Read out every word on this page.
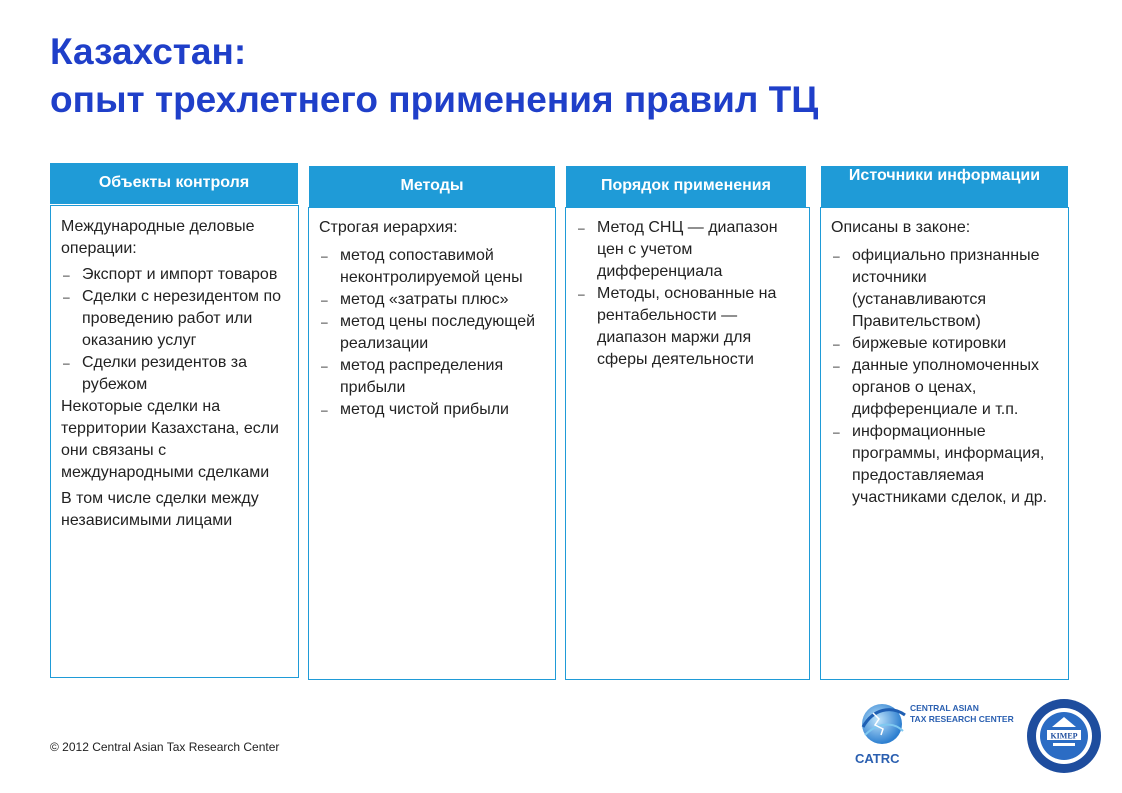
Казахстан:
опыт трехлетнего применения правил ТЦ
Объекты контроля

Международные деловые операции:

– Экспорт и импорт товаров
– Сделки с нерезидентом по проведению работ или оказанию услуг
– Сделки резидентов за рубежом

Некоторые сделки на территории Казахстана, если они связаны с международными сделками

В том числе сделки между независимыми лицами

Методы

Строгая иерархия:

– метод сопоставимой неконтролируемой цены
– метод «затраты плюс»
– метод цены последующей реализации
– метод распределения прибыли
– метод чистой прибыли
Порядок применения
– Метод СНЦ — диапазон цен с учетом дифференциала
– Методы, основанные на рентабельности — диапазон маржи для сферы деятельности
Источники информации

Описаны в законе:

– официально признанные источники (устанавливаются Правительством)
– биржевые котировки
– данные уполномоченных органов о ценах, дифференциале и т.п.
– информационные программы, информация, предоставляемая участниками сделок, и др.
© 2012 Central Asian Tax Research Center
CATRC
CENTRAL ASIAN
TAX RESEARCH CENTER
KIMEP
